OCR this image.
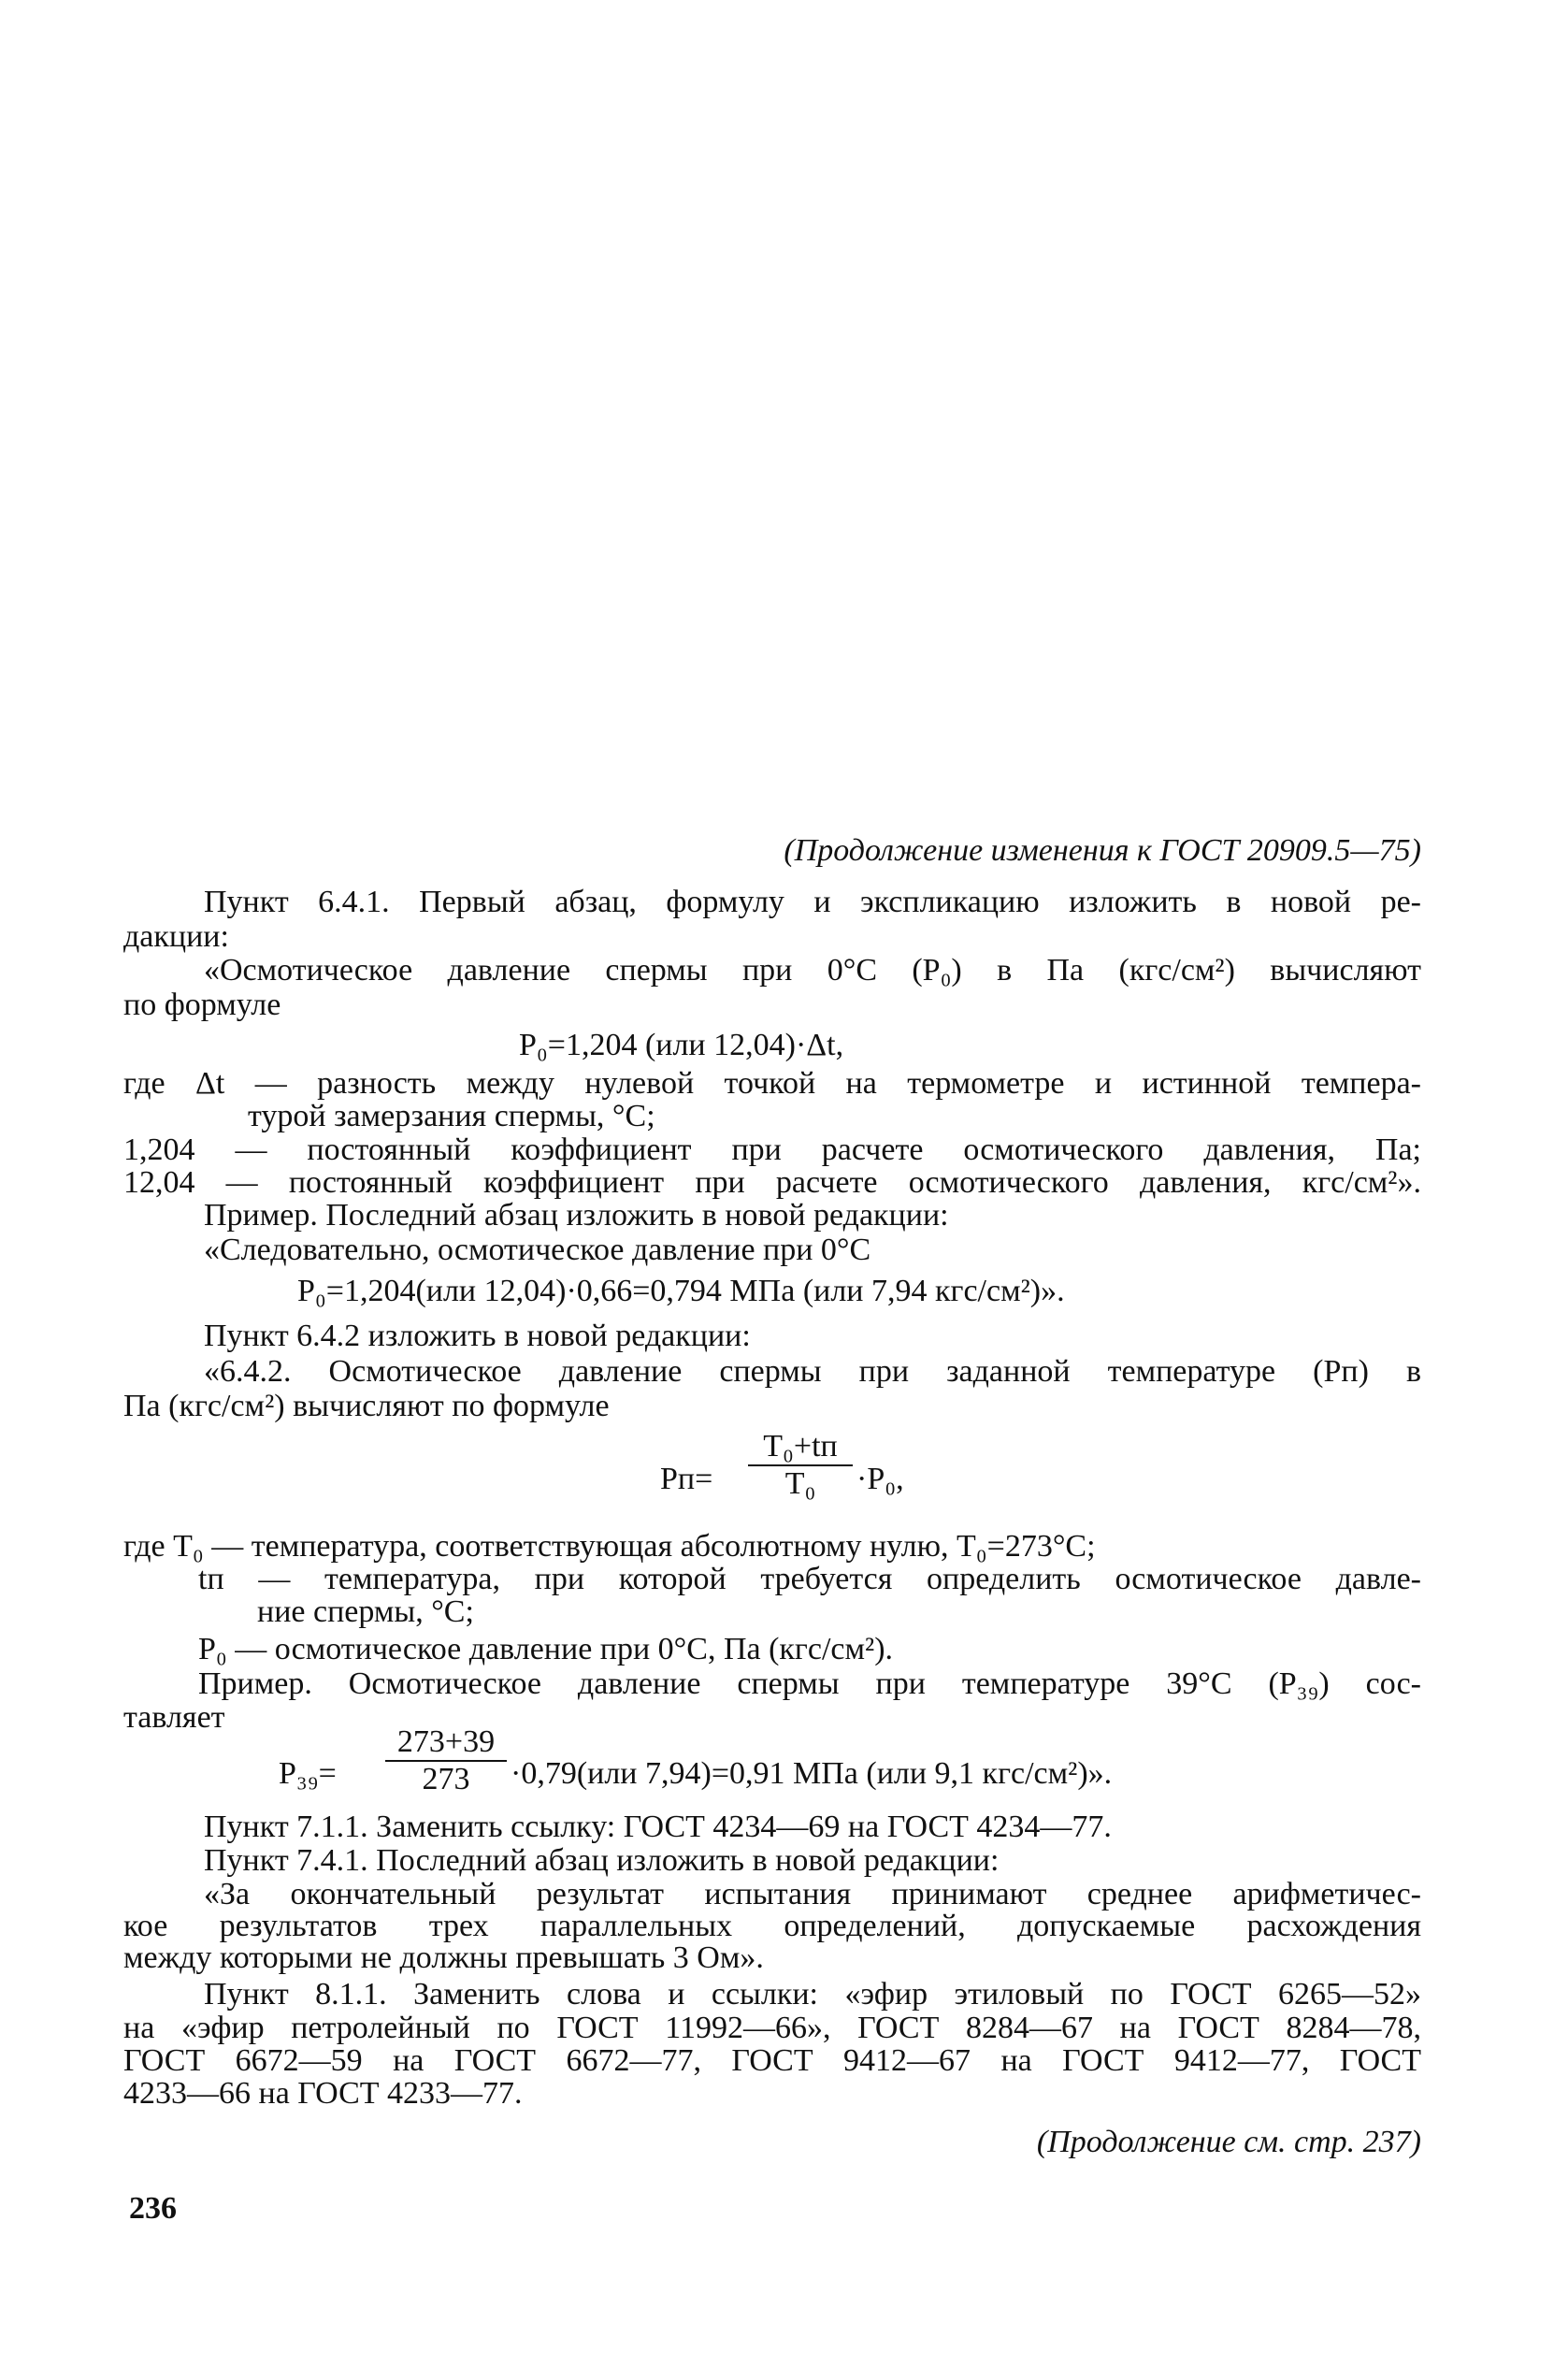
(Продолжение изменения к ГОСТ 20909.5—75)
Пункт 6.4.1. Первый абзац, формулу и экспликацию изложить в новой ре-
дакции:
«Осмотическое давление спермы при 0°С (P₀) в Па (кгс/см²) вычисляют
по формуле
P₀=1,204 (или 12,04)·Δt,
где Δt — разность между нулевой точкой на термометре и истинной темпера-
турой замерзания спермы, °С;
1,204 — постоянный коэффициент при расчете осмотического давления, Па;
12,04 — постоянный коэффициент при расчете осмотического давления, кгс/см²».
Пример. Последний абзац изложить в новой редакции:
«Следовательно, осмотическое давление при 0°С
P₀=1,204(или 12,04)·0,66=0,794 МПа (или 7,94 кгс/см²)».
Пункт 6.4.2 изложить в новой редакции:
«6.4.2. Осмотическое давление спермы при заданной температуре (Pп) в
Па (кгс/см²) вычисляют по формуле
Pп=
T₀+tп
T₀	·P₀,
где T₀ — температура, соответствующая абсолютному нулю, T₀=273°С;
tп — температура, при которой требуется определить осмотическое давле-
ние спермы, °С;
P₀ — осмотическое давление при 0°С, Па (кгс/см²).
Пример. Осмотическое давление спермы при температуре 39°С (P₃₉) сос-
тавляет
P₃₉=
273+39
273	·0,79(или 7,94)=0,91 МПа (или 9,1 кгс/см²)».
Пункт 7.1.1. Заменить ссылку: ГОСТ 4234—69 на ГОСТ 4234—77.
Пункт 7.4.1. Последний абзац изложить в новой редакции:
«За окончательный результат испытания принимают среднее арифметичес-
кое результатов трех параллельных определений, допускаемые расхождения
между которыми не должны превышать 3 Ом».
Пункт 8.1.1. Заменить слова и ссылки: «эфир этиловый по ГОСТ 6265—52»
на «эфир петролейный по ГОСТ 11992—66», ГОСТ 8284—67 на ГОСТ 8284—78,
ГОСТ 6672—59 на ГОСТ 6672—77, ГОСТ 9412—67 на ГОСТ 9412—77, ГОСТ
4233—66 на ГОСТ 4233—77.
(Продолжение см. стр. 237)
236
